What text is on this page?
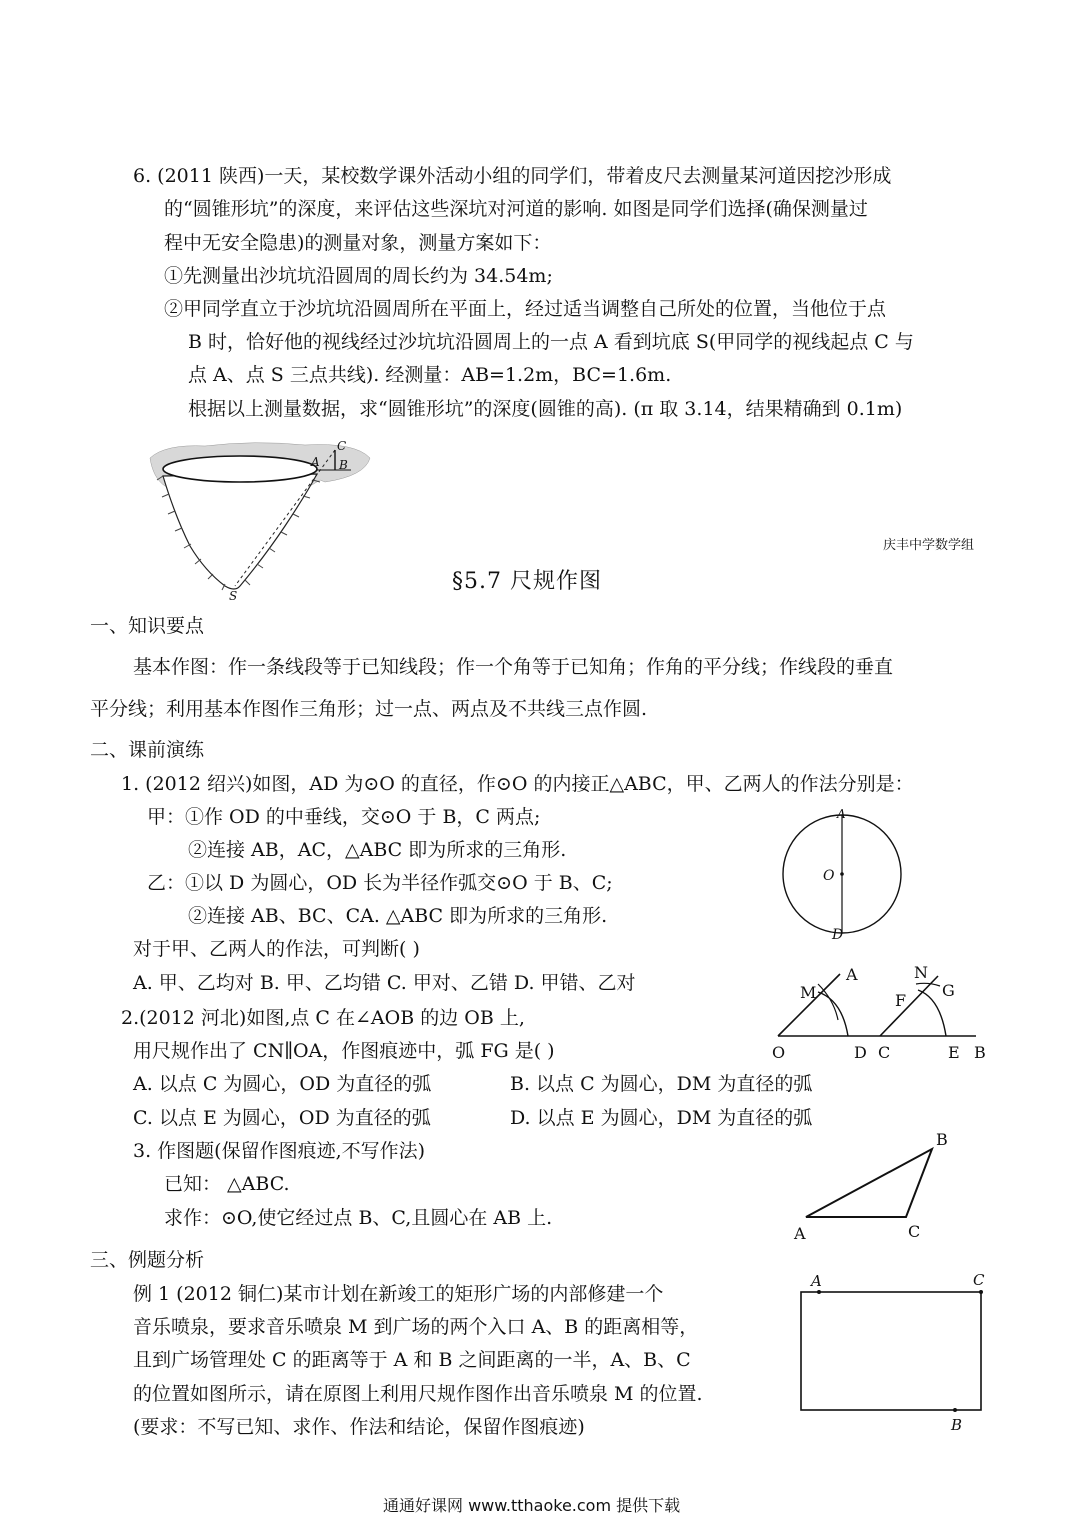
6. (2011 陕西)一天，某校数学课外活动小组的同学们，带着皮尺去测量某河道因挖沙形成
的“圆锥形坑”的深度，来评估这些深坑对河道的影响. 如图是同学们选择(确保测量过
程中无安全隐患)的测量对象，测量方案如下：
①先测量出沙坑坑沿圆周的周长约为 34.54m;
②甲同学直立于沙坑坑沿圆周所在平面上，经过适当调整自己所处的位置，当他位于点
B 时，恰好他的视线经过沙坑坑沿圆周上的一点 A 看到坑底 S(甲同学的视线起点 C 与
点 A、点 S 三点共线). 经测量：AB=1.2m，BC=1.6m.
根据以上测量数据，求“圆锥形坑”的深度(圆锥的高). (π 取 3.14，结果精确到 0.1m)
C
A B
S
庆丰中学数学组
§5.7 尺规作图
一、知识要点
基本作图：作一条线段等于已知线段；作一个角等于已知角；作角的平分线；作线段的垂直
平分线；利用基本作图作三角形；过一点、两点及不共线三点作圆.
二、课前演练
1. (2012 绍兴)如图，AD 为⊙O 的直径，作⊙O 的内接正△ABC，甲、乙两人的作法分别是：
甲：①作 OD 的中垂线，交⊙O 于 B，C 两点;
②连接 AB，AC，△ABC 即为所求的三角形.
乙：①以 D 为圆心，OD 长为半径作弧交⊙O 于 B、C;
②连接 AB、BC、CA. △ABC 即为所求的三角形.
对于甲、乙两人的作法，可判断( )
A. 甲、乙均对 B. 甲、乙均错 C. 甲对、乙错 D. 甲错、乙对
A
O
D
2.(2012 河北)如图,点 C 在∠AOB 的边 OB 上,
用尺规作出了 CN∥OA，作图痕迹中，弧 FG 是( )
A. 以点 C 为圆心，OD 为直径的弧	B. 以点 C 为圆心，DM 为直径的弧
C. 以点 E 为圆心，OD 为直径的弧	D. 以点 E 为圆心，DM 为直径的弧
A
M
N
F
G
O	D C	E B
3. 作图题(保留作图痕迹,不写作法)
已知： △ABC.
求作：⊙O,使它经过点 B、C,且圆心在 AB 上.
B
A	C
三、例题分析
例 1 (2012 铜仁)某市计划在新竣工的矩形广场的内部修建一个
音乐喷泉，要求音乐喷泉 M 到广场的两个入口 A、B 的距离相等，
且到广场管理处 C 的距离等于 A 和 B 之间距离的一半，A、B、C
的位置如图所示，请在原图上利用尺规作图作出音乐喷泉 M 的位置.
(要求：不写已知、求作、作法和结论，保留作图痕迹)
A	C
B
通通好课网 www.tthaoke.com 提供下载
